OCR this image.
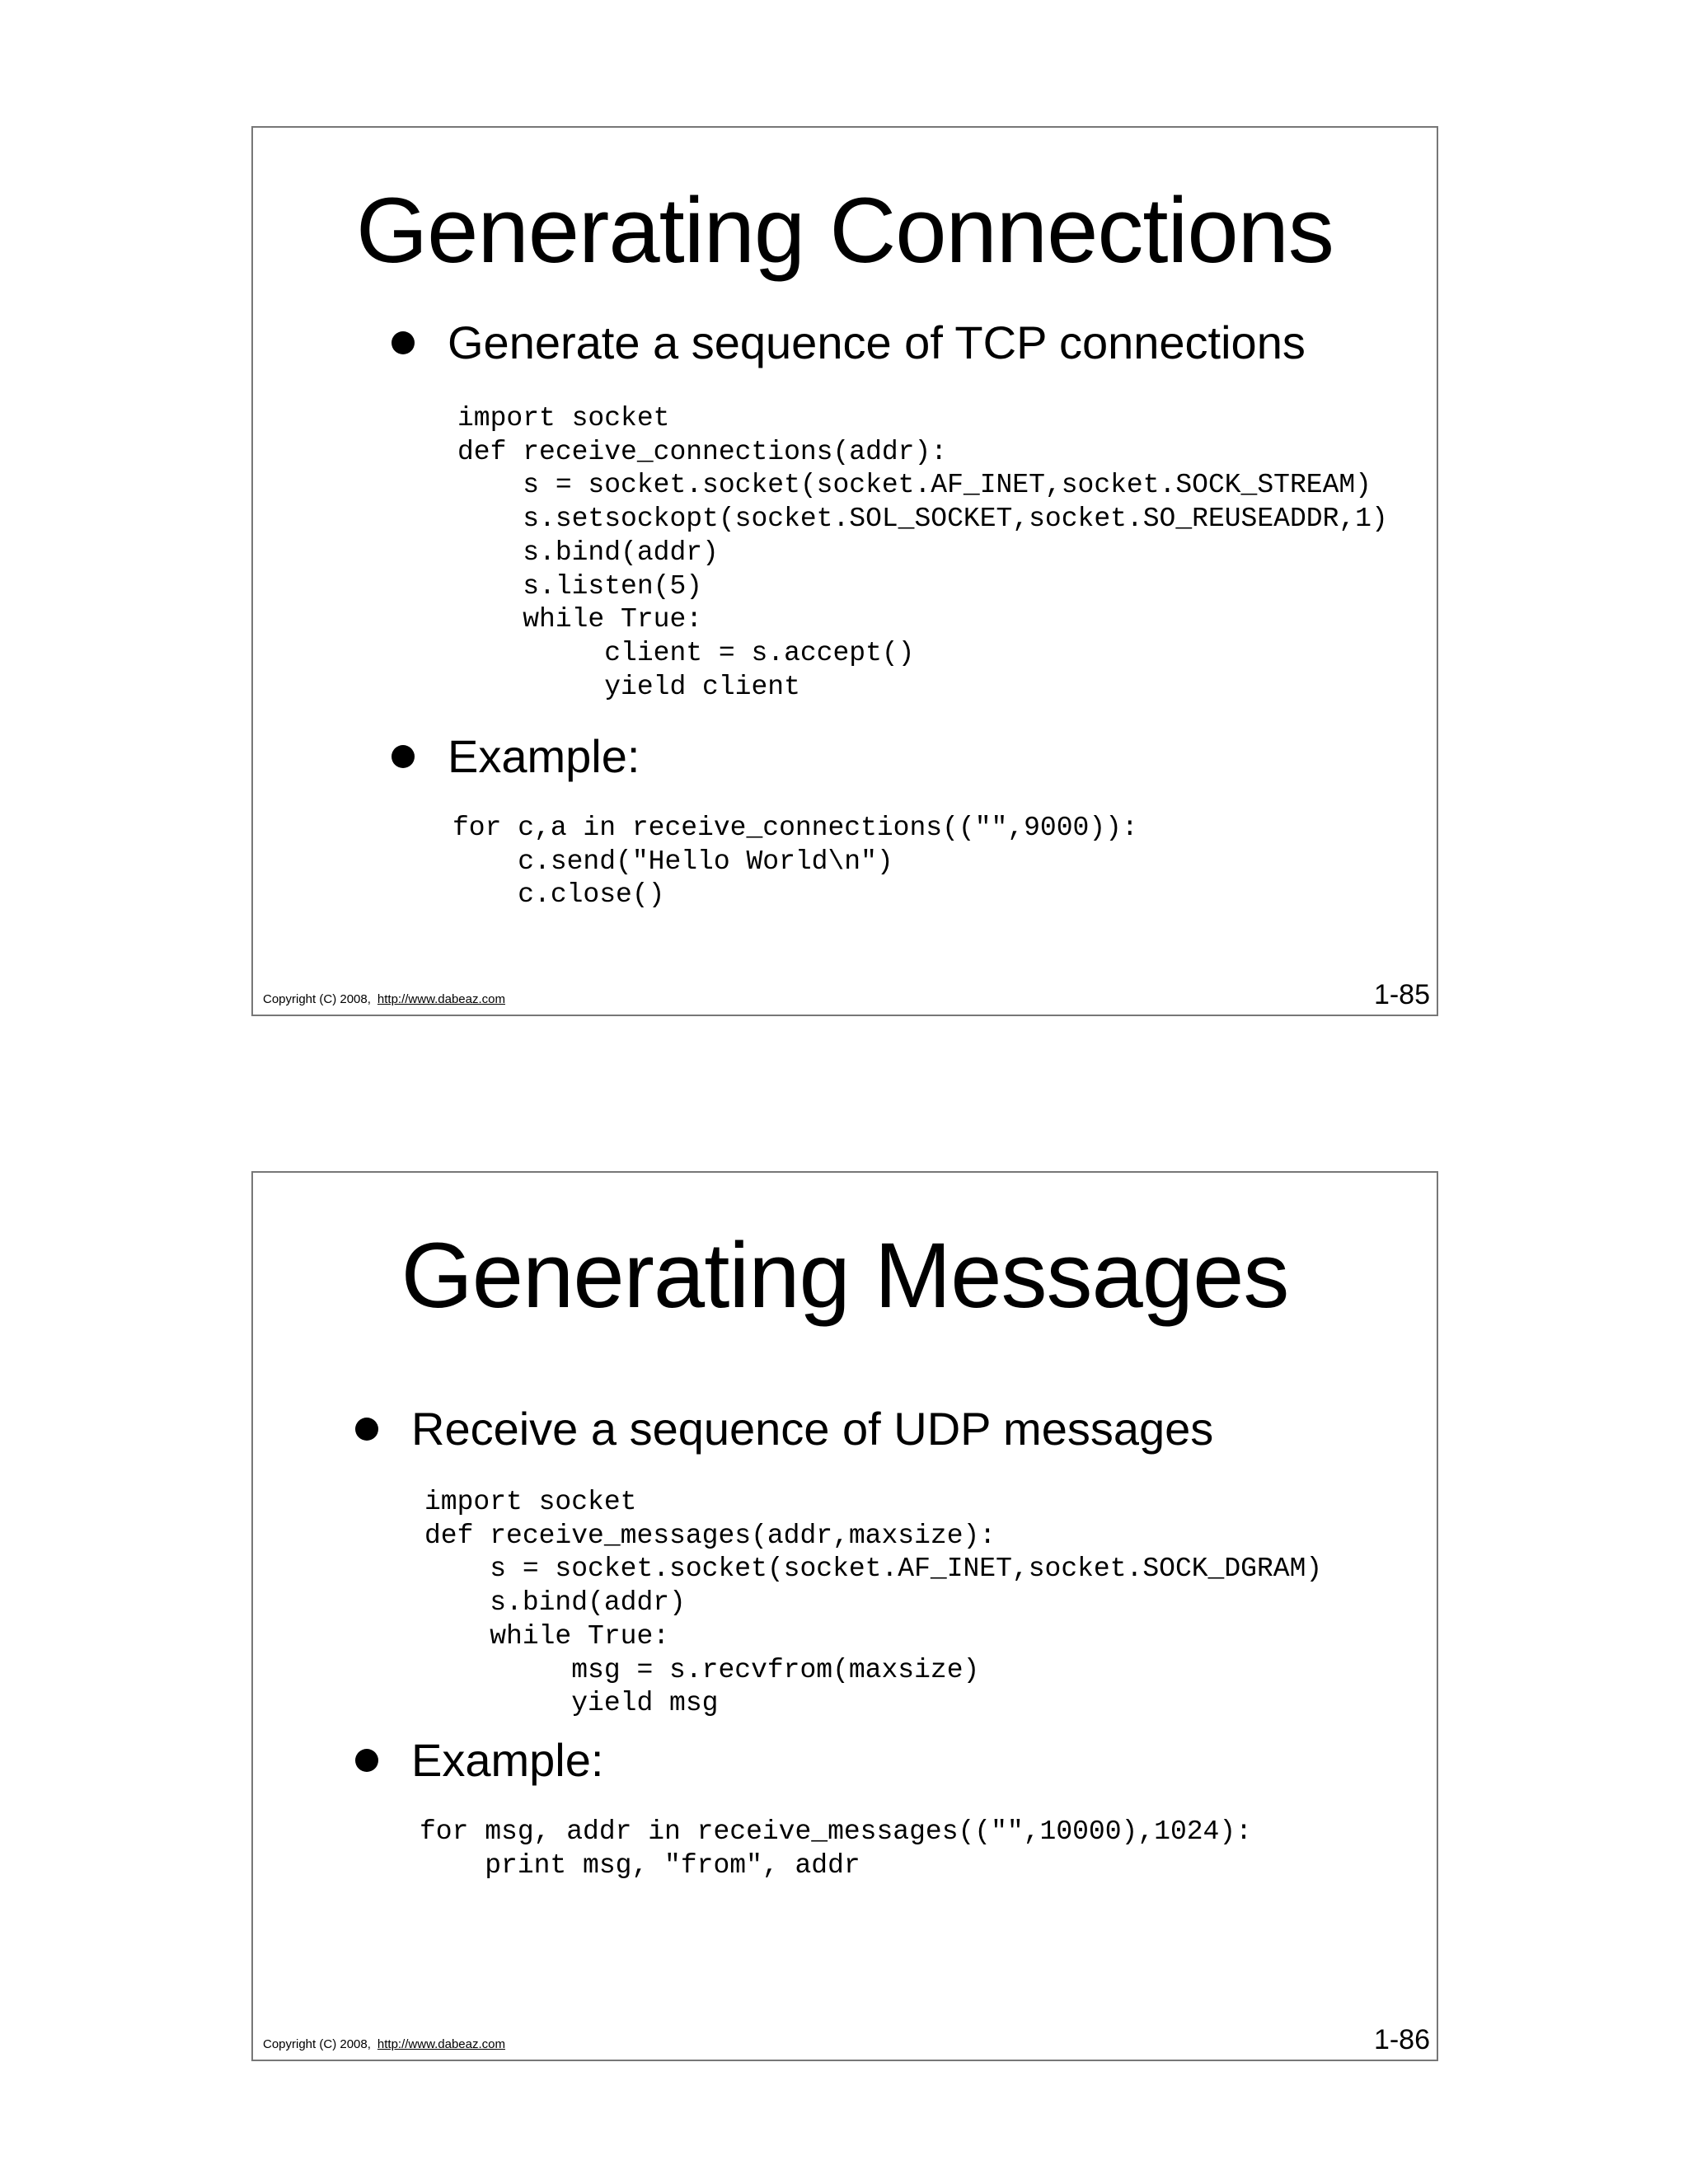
Generating Connections
Generate a sequence of TCP connections
import socket
def receive_connections(addr):
s = socket.socket(socket.AF_INET,socket.SOCK_STREAM)
s.setsockopt(socket.SOL_SOCKET,socket.SO_REUSEADDR,1)
s.bind(addr)
s.listen(5)
while True:
client = s.accept()
yield client
Example:
for c,a in receive_connections(("",9000)):
c.send("Hello World\n")
c.close()
Copyright (C) 2008, http://www.dabeaz.com	1-85
Generating Messages
Receive a sequence of UDP messages
import socket
def receive_messages(addr,maxsize):
s = socket.socket(socket.AF_INET,socket.SOCK_DGRAM)
s.bind(addr)
while True:
msg = s.recvfrom(maxsize)
yield msg
Example:
for msg, addr in receive_messages(("",10000),1024):
print msg, "from", addr
Copyright (C) 2008, http://www.dabeaz.com	1-86
